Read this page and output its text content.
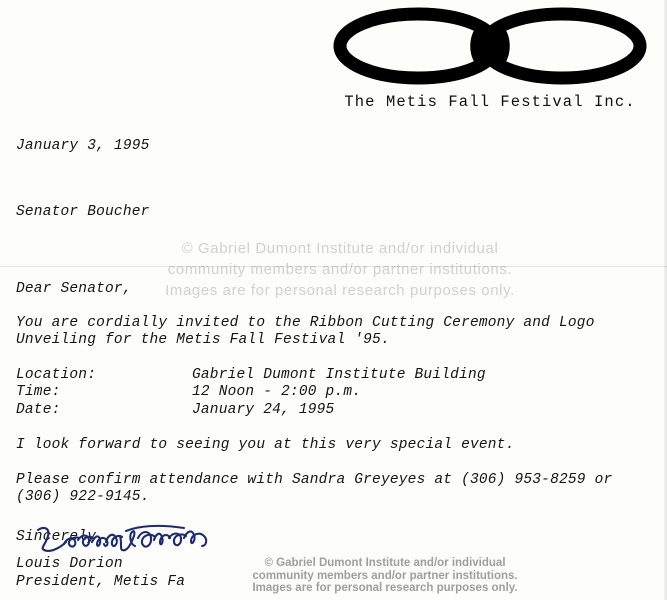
The Metis Fall Festival Inc.

January 3, 1995

Senator Boucher

Dear Senator,

You are cordially invited to the Ribbon Cutting Ceremony and Logo Unveiling for the Metis Fall Festival '95.

Location:	Gabriel Dumont Institute Building
Time:	12 Noon - 2:00 p.m.
Date:	January 24, 1995

I look forward to seeing you at this very special event.

Please confirm attendance with Sandra Greyeyes at (306) 953-8259 or (306) 922-9145.

Sincerely,

Louis Dorion
President, Metis Fa
© Gabriel Dumont Institute and/or individual community members and/or partner institutions. Images are for personal research purposes only.
© Gabriel Dumont Institute and/or individual
community members and/or partner institutions.
Images are for personal research purposes only.
